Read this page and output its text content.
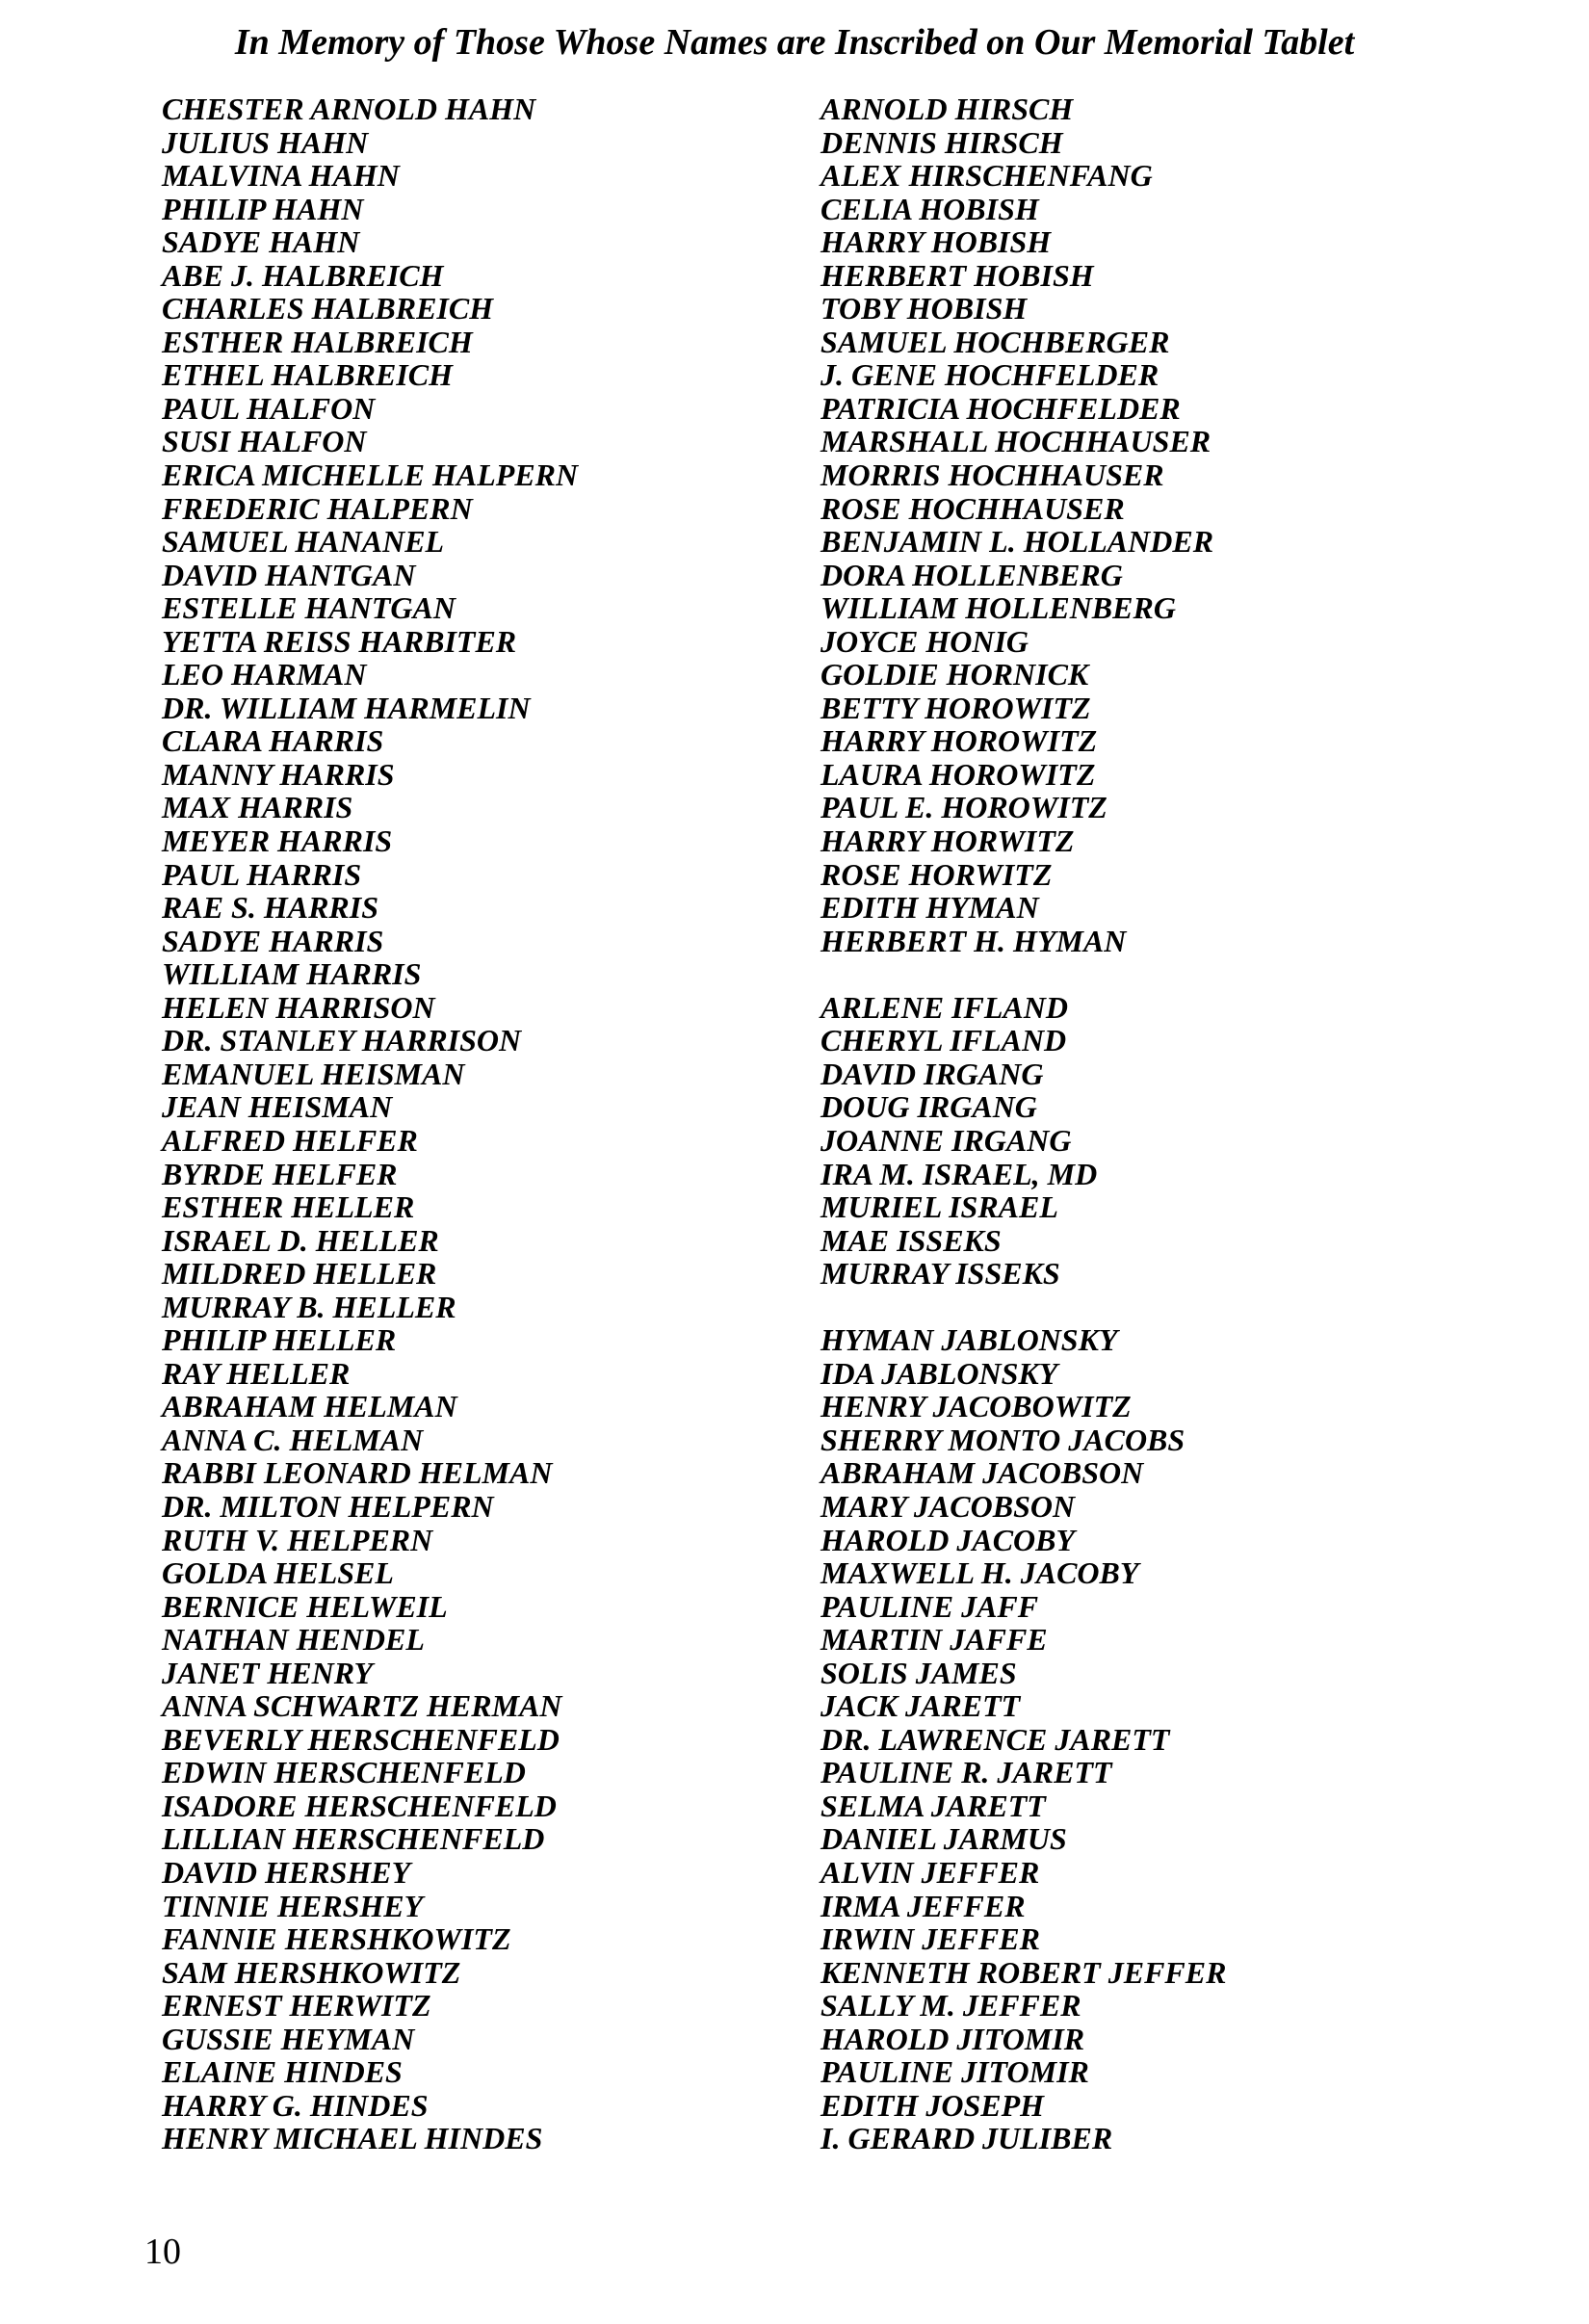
In Memory of Those Whose Names are Inscribed on Our Memorial Tablet
CHESTER ARNOLD HAHN
JULIUS HAHN
MALVINA HAHN
PHILIP HAHN
SADYE HAHN
ABE J. HALBREICH
CHARLES HALBREICH
ESTHER HALBREICH
ETHEL HALBREICH
PAUL HALFON
SUSI HALFON
ERICA MICHELLE HALPERN
FREDERIC HALPERN
SAMUEL HANANEL
DAVID HANTGAN
ESTELLE HANTGAN
YETTA REISS HARBITER
LEO HARMAN
DR. WILLIAM HARMELIN
CLARA HARRIS
MANNY HARRIS
MAX HARRIS
MEYER HARRIS
PAUL HARRIS
RAE S. HARRIS
SADYE HARRIS
WILLIAM HARRIS
HELEN HARRISON
DR. STANLEY HARRISON
EMANUEL HEISMAN
JEAN HEISMAN
ALFRED HELFER
BYRDE HELFER
ESTHER HELLER
ISRAEL D. HELLER
MILDRED HELLER
MURRAY B. HELLER
PHILIP HELLER
RAY HELLER
ABRAHAM HELMAN
ANNA C. HELMAN
RABBI LEONARD HELMAN
DR. MILTON HELPERN
RUTH V. HELPERN
GOLDA HELSEL
BERNICE HELWEIL
NATHAN HENDEL
JANET HENRY
ANNA SCHWARTZ HERMAN
BEVERLY HERSCHENFELD
EDWIN HERSCHENFELD
ISADORE HERSCHENFELD
LILLIAN HERSCHENFELD
DAVID HERSHEY
TINNIE HERSHEY
FANNIE HERSHKOWITZ
SAM HERSHKOWITZ
ERNEST HERWITZ
GUSSIE HEYMAN
ELAINE HINDES
HARRY G. HINDES
HENRY MICHAEL HINDES
ARNOLD HIRSCH
DENNIS HIRSCH
ALEX HIRSCHENFANG
CELIA HOBISH
HARRY HOBISH
HERBERT HOBISH
TOBY HOBISH
SAMUEL HOCHBERGER
J. GENE HOCHFELDER
PATRICIA HOCHFELDER
MARSHALL HOCHHAUSER
MORRIS HOCHHAUSER
ROSE HOCHHAUSER
BENJAMIN L. HOLLANDER
DORA HOLLENBERG
WILLIAM HOLLENBERG
JOYCE HONIG
GOLDIE HORNICK
BETTY HOROWITZ
HARRY HOROWITZ
LAURA HOROWITZ
PAUL E. HOROWITZ
HARRY HORWITZ
ROSE HORWITZ
EDITH HYMAN
HERBERT H. HYMAN
ARLENE IFLAND
CHERYL IFLAND
DAVID IRGANG
DOUG IRGANG
JOANNE IRGANG
IRA M. ISRAEL, MD
MURIEL ISRAEL
MAE ISSEKS
MURRAY ISSEKS
HYMAN JABLONSKY
IDA JABLONSKY
HENRY JACOBOWITZ
SHERRY MONTO JACOBS
ABRAHAM JACOBSON
MARY JACOBSON
HAROLD JACOBY
MAXWELL H. JACOBY
PAULINE JAFF
MARTIN JAFFE
SOLIS JAMES
JACK JARETT
DR. LAWRENCE JARETT
PAULINE R. JARETT
SELMA JARETT
DANIEL JARMUS
ALVIN JEFFER
IRMA JEFFER
IRWIN JEFFER
KENNETH ROBERT JEFFER
SALLY M. JEFFER
HAROLD JITOMIR
PAULINE JITOMIR
EDITH JOSEPH
I. GERARD JULIBER
10
